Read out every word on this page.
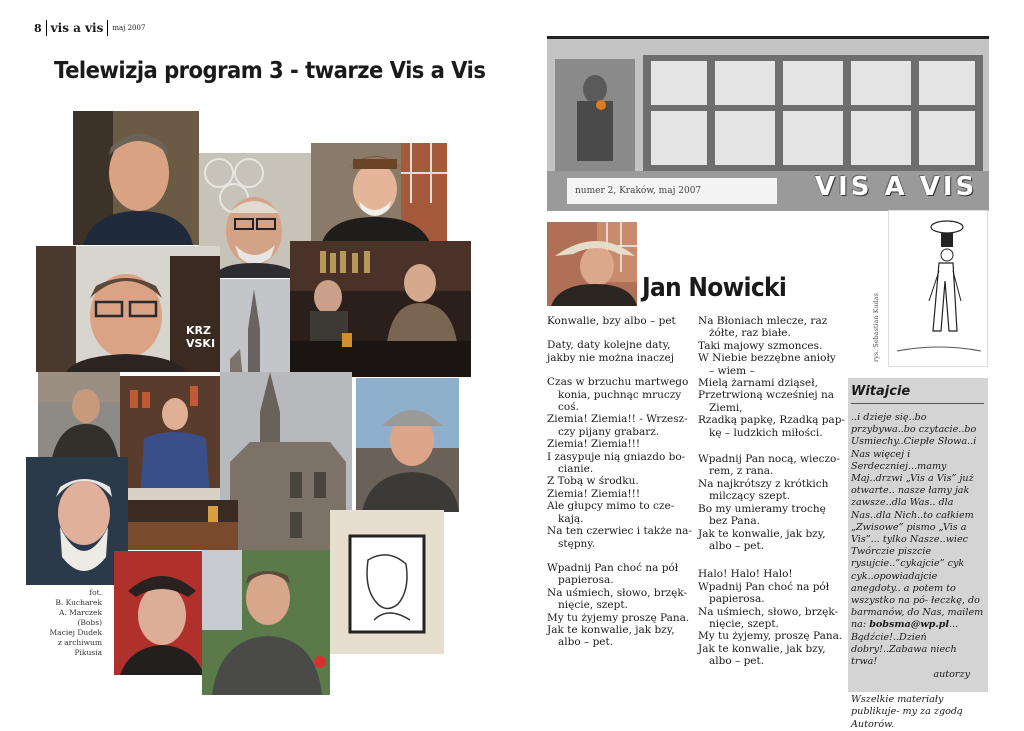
8 vis a vis maj 2007
Telewizja program 3 - twarze Vis a Vis
KRZ
VSKI
fot.
B. Kucharek
A. Marczek (Bobs)
Maciej Dudek
z archiwum Pikusia
numer 2, Kraków, maj 2007	VIS A VIS
Jan Nowicki
rys. Sebastian Kudas
Konwalie, bzy albo – pet
Daty, daty kolejne daty,
jakby nie można inaczej
Czas w brzuchu martwego
konia, puchnąc mruczy
coś.
Ziemia! Ziemia!! - Wrzesz-
czy pijany grabarz.
Ziemia! Ziemia!!!
I zasypuje nią gniazdo bo-
cianie.
Z Tobą w środku.
Ziemia! Ziemia!!!
Ale głupcy mimo to cze-
kają.
Na ten czerwiec i także na-
stępny.
Wpadnij Pan choć na pół
papierosa.
Na uśmiech, słowo, brzęk-
nięcie, szept.
My tu żyjemy proszę Pana.
Jak te konwalie, jak bzy,
albo – pet.
Na Błoniach mlecze, raz
żółte, raz białe.
Taki majowy szmonces.
W Niebie bezzębne anioły
– wiem –
Mielą żarnami dziąseł,
Przetrwioną wcześniej na
Ziemi,
Rzadką papkę, Rzadką pap-
kę – ludzkich miłości.
Wpadnij Pan nocą, wieczo-
rem, z rana.
Na najkrótszy z krótkich
milczący szept.
Bo my umieramy trochę
bez Pana.
Jak te konwalie, jak bzy,
albo – pet.
Halo! Halo! Halo!
Wpadnij Pan choć na pół
papierosa.
Na uśmiech, słowo, brzęk-
nięcie, szept.
My tu żyjemy, proszę Pana.
Jak te konwalie, jak bzy,
albo – pet.
Witajcie
..i dzieje się..bo przybywa..bo czytacie..bo Usmiechy..Ciepłe Słowa..i Nas więcej i Serdeczniej...mamy Maj..drzwi „Vis a Vis” już otwarte.. nasze łamy jak zawsze..dla Was.. dla Nas..dla Nich..to całkiem „Zwisowe” pismo „Vis a Vis”... tylko Nasze..wiec Twórczie piszcie rysujcie..”cykajcie” cyk cyk..opowiadajcie anegdoty.. a potem to wszystko na pó- łeczkę, do barmanów, do Nas, mailem na: bobsma@wp.pl... Bądźcie!..Dzień dobry!..Zabawa niech trwa!
autorzy
Wszelkie materiały publikuje- my za zgodą Autorów.
